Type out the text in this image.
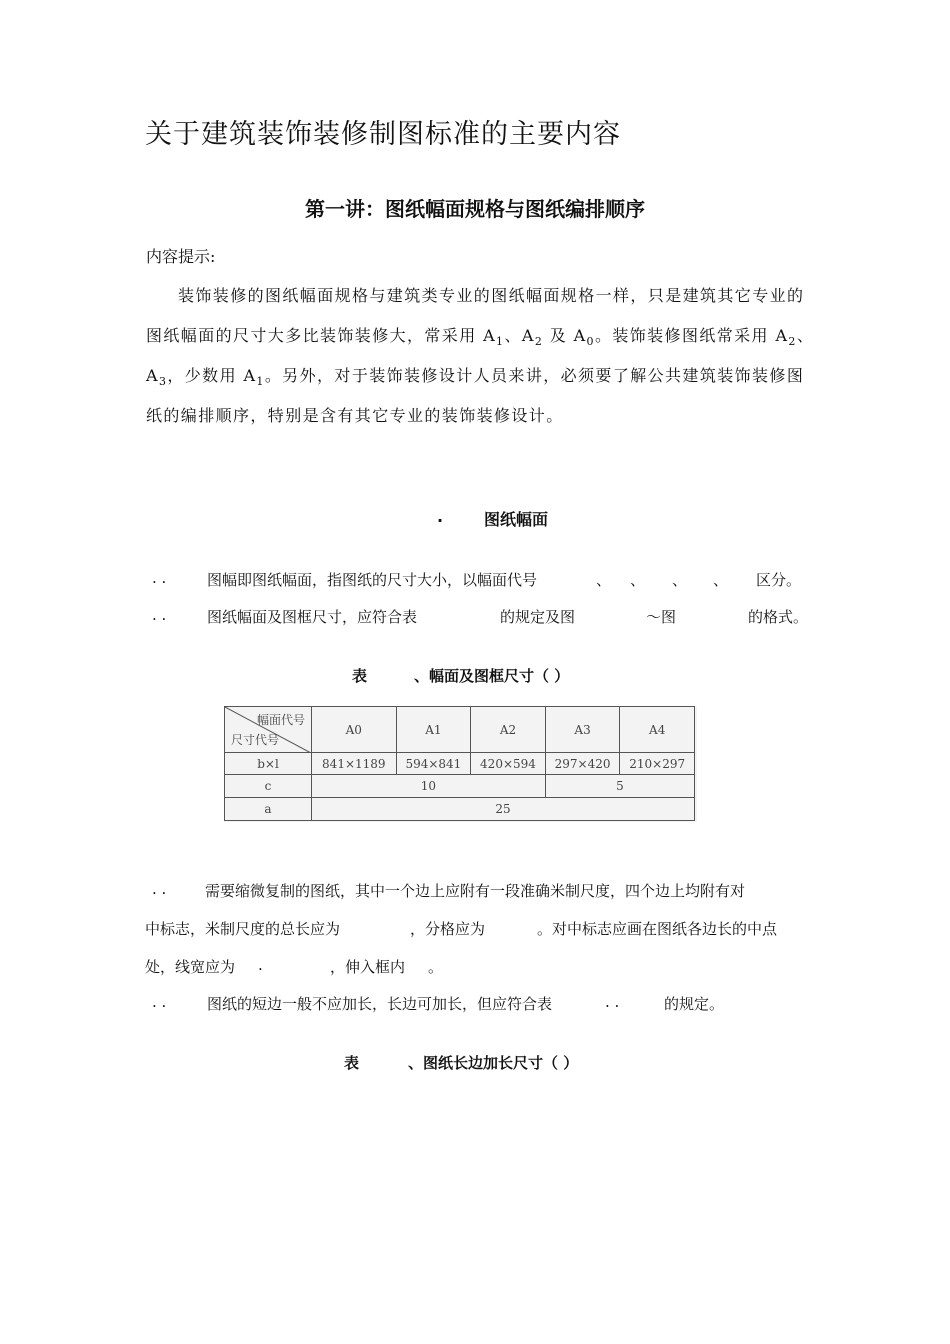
关于建筑装饰装修制图标准的主要内容
第一讲：图纸幅面规格与图纸编排顺序
内容提示:
装饰装修的图纸幅面规格与建筑类专业的图纸幅面规格一样，只是建筑其它专业的图纸幅面的尺寸大多比装饰装修大，常采用 $A_1$、$A_2$ 及 $A_0$。装饰装修图纸常采用 $A_2$、$A_3$，少数用 $A_1$。另外，对于装饰装修设计人员来讲，必须要了解公共建筑装饰装修图纸的编排顺序，特别是含有其它专业的装饰装修设计。
.	图纸幅面
. .	图幅即图纸幅面，指图纸的尺寸大小，以幅面代号	、 、 、 、 区分。
. .	图纸幅面及图框尺寸，应符合表	的规定及图	～图	的格式。
表	、幅面及图框尺寸（ ）
幅面代号
尺寸代号	A0	A1	A2	A3	A4
b×l	841×1189	594×841	420×594	297×420	210×297
c	10			5	
a	25				
. .	需要缩微复制的图纸，其中一个边上应附有一段准确米制尺度，四个边上均附有对
中标志，米制尺度的总长应为	，分格应为	。对中标志应画在图纸各边长的中点
处，线宽应为 .	，伸入框内 。
. .	图纸的短边一般不应加长，长边可加长，但应符合表	. .	的规定。
表	、图纸长边加长尺寸（ ）
